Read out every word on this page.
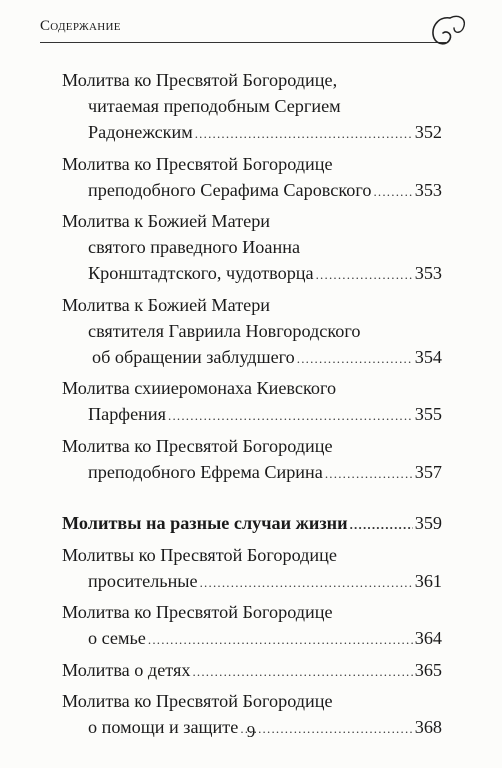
Содержание
Молитва ко Пресвятой Богородице,
читаемая преподобным Сергием
Радонежским .....	352
Молитва ко Пресвятой Богородице
преподобного Серафима Саровского ..... 353
Молитва к Божией Матери
святого праведного Иоанна
Кронштадтского, чудотворца .....	353
Молитва к Божией Матери
святителя Гавриила Новгородского
об обращении заблудшего .....	354
Молитва схииеромонаха Киевского
Парфения .....	355
Молитва ко Пресвятой Богородице
преподобного Ефрема Сирина .....	357
Молитвы на разные случаи жизни .....	359
Молитвы ко Пресвятой Богородице
просительные .....	361
Молитва ко Пресвятой Богородице
о семье .....	364
Молитва о детях .....	365
Молитва ко Пресвятой Богородице
о помощи и защите .....	368
9
